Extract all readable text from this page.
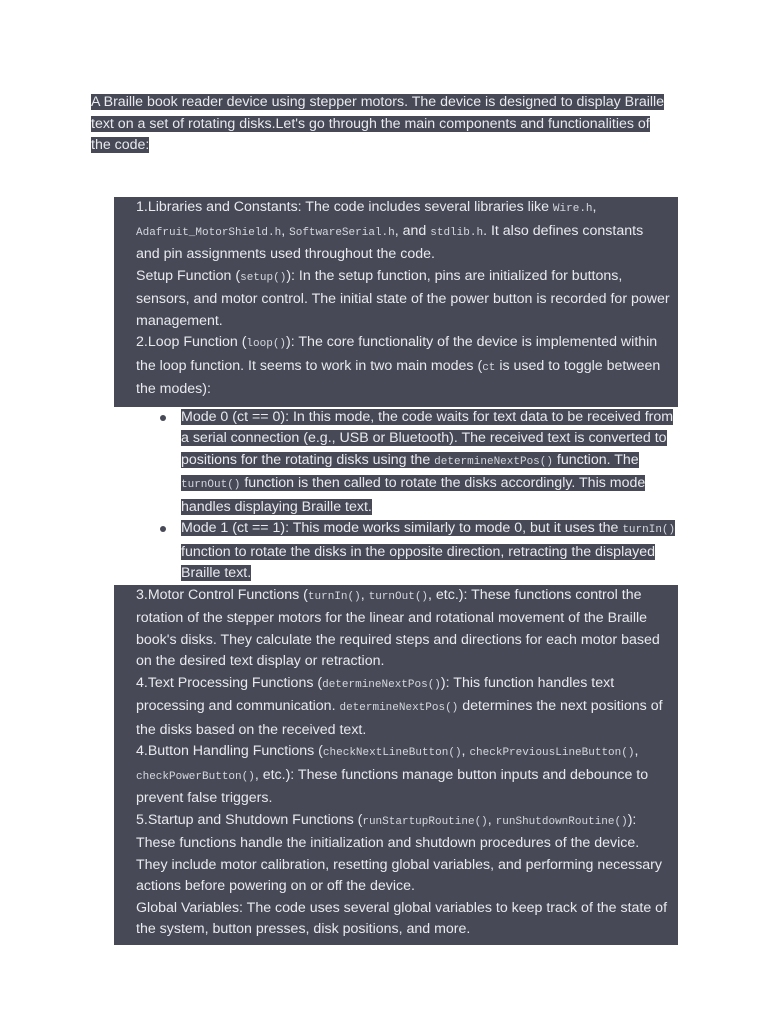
A Braille book reader device using stepper motors. The device is designed to display Braille text on a set of rotating disks.Let's go through the main components and functionalities of the code:

1.Libraries and Constants: The code includes several libraries like Wire.h, Adafruit_MotorShield.h, SoftwareSerial.h, and stdlib.h. It also defines constants and pin assignments used throughout the code.

Setup Function (setup()): In the setup function, pins are initialized for buttons, sensors, and motor control. The initial state of the power button is recorded for power management.

2.Loop Function (loop()): The core functionality of the device is implemented within the loop function. It seems to work in two main modes (ct is used to toggle between the modes):

Mode 0 (ct == 0): In this mode, the code waits for text data to be received from a serial connection (e.g., USB or Bluetooth). The received text is converted to positions for the rotating disks using the determineNextPos() function. The turnOut() function is then called to rotate the disks accordingly. This mode handles displaying Braille text.
Mode 1 (ct == 1): This mode works similarly to mode 0, but it uses the turnIn() function to rotate the disks in the opposite direction, retracting the displayed Braille text.

3.Motor Control Functions (turnIn(), turnOut(), etc.): These functions control the rotation of the stepper motors for the linear and rotational movement of the Braille book's disks. They calculate the required steps and directions for each motor based on the desired text display or retraction.

4.Text Processing Functions (determineNextPos()): This function handles text processing and communication. determineNextPos() determines the next positions of the disks based on the received text.

4.Button Handling Functions (checkNextLineButton(), checkPreviousLineButton(), checkPowerButton(), etc.): These functions manage button inputs and debounce to prevent false triggers.

5.Startup and Shutdown Functions (runStartupRoutine(), runShutdownRoutine()): These functions handle the initialization and shutdown procedures of the device. They include motor calibration, resetting global variables, and performing necessary actions before powering on or off the device.

Global Variables: The code uses several global variables to keep track of the state of the system, button presses, disk positions, and more.
